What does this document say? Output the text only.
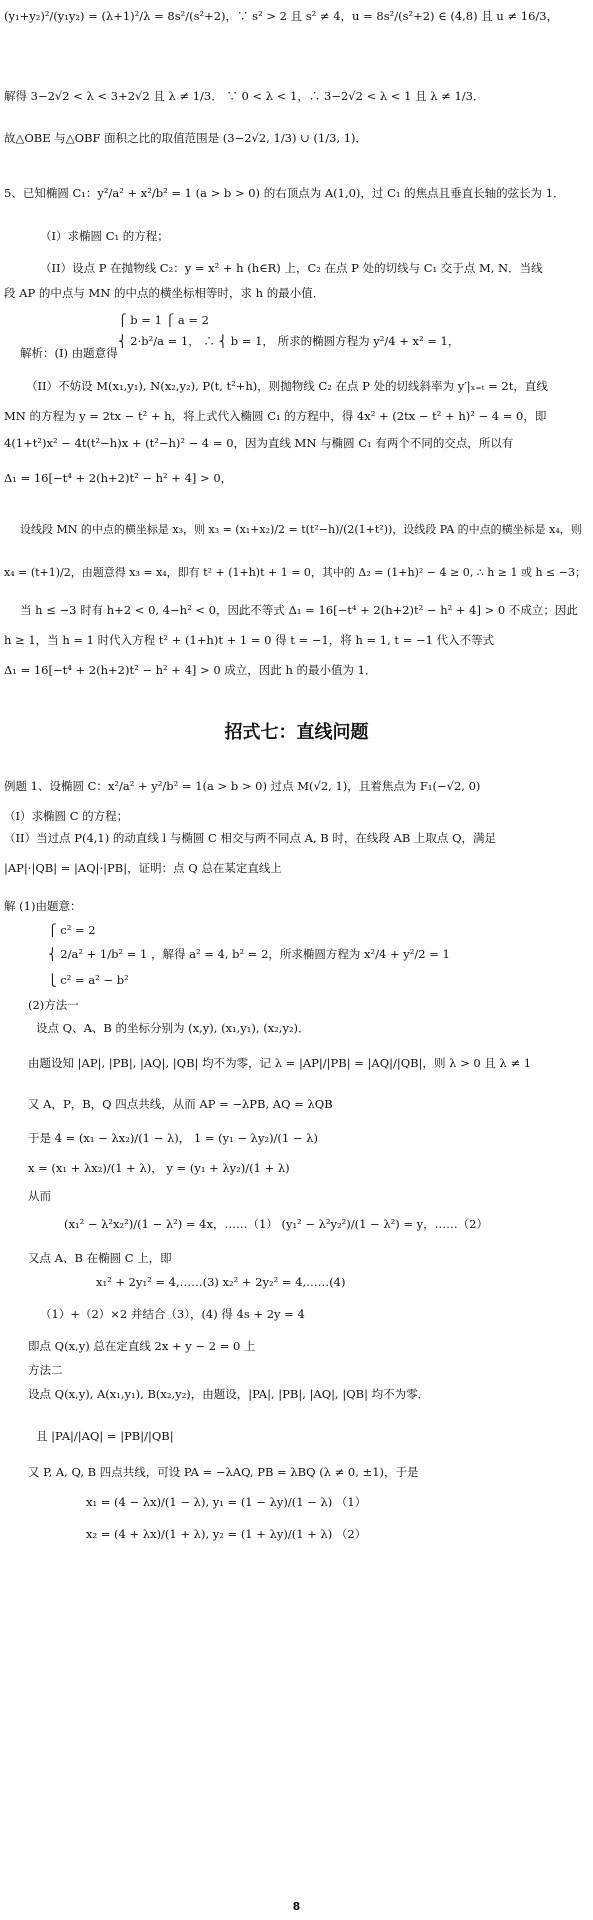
招式七：直线问题
8
(y₁+y₂)²/(y₁y₂) = (λ+1)²/λ = 8s²/(s²+2)，∵ s² > 2 且 s² ≠ 4，u = 8s²/(s²+2) ∈ (4,8) 且 u ≠ 16/3，
解得 3−2√2 < λ < 3+2√2 且 λ ≠ 1/3． ∵ 0 < λ < 1，∴ 3−2√2 < λ < 1 且 λ ≠ 1/3．
故△OBE 与△OBF 面积之比的取值范围是 (3−2√2, 1/3) ∪ (1/3, 1)．
5、已知椭圆 C₁：y²/a² + x²/b² = 1 (a > b > 0) 的右顶点为 A(1,0)，过 C₁ 的焦点且垂直长轴的弦长为 1．
（I）求椭圆 C₁ 的方程；
（II）设点 P 在抛物线 C₂：y = x² + h (h∈R) 上，C₂ 在点 P 处的切线与 C₁ 交于点 M, N．当线
段 AP 的中点与 MN 的中点的横坐标相等时，求 h 的最小值．
⎧ b = 1 ⎧ a = 2
⎨ 2·b²/a = 1， ∴ ⎨ b = 1， 所求的椭圆方程为 y²/4 + x² = 1，
解析：(I) 由题意得
（II）不妨设 M(x₁,y₁), N(x₂,y₂), P(t, t²+h)，则抛物线 C₂ 在点 P 处的切线斜率为 y′|ₓ₌ₜ = 2t，直线
MN 的方程为 y = 2tx − t² + h，将上式代入椭圆 C₁ 的方程中，得 4x² + (2tx − t² + h)² − 4 = 0，即
4(1+t²)x² − 4t(t²−h)x + (t²−h)² − 4 = 0，因为直线 MN 与椭圆 C₁ 有两个不同的交点，所以有
Δ₁ = 16[−t⁴ + 2(h+2)t² − h² + 4] > 0，
设线段 MN 的中点的横坐标是 x₃，则 x₃ = (x₁+x₂)/2 = t(t²−h)/(2(1+t²))，设线段 PA 的中点的横坐标是 x₄，则
x₄ = (t+1)/2，由题意得 x₃ = x₄，即有 t² + (1+h)t + 1 = 0，其中的 Δ₂ = (1+h)² − 4 ≥ 0, ∴ h ≥ 1 或 h ≤ −3；
当 h ≤ −3 时有 h+2 < 0, 4−h² < 0，因此不等式 Δ₁ = 16[−t⁴ + 2(h+2)t² − h² + 4] > 0 不成立；因此
h ≥ 1，当 h = 1 时代入方程 t² + (1+h)t + 1 = 0 得 t = −1，将 h = 1, t = −1 代入不等式
Δ₁ = 16[−t⁴ + 2(h+2)t² − h² + 4] > 0 成立，因此 h 的最小值为 1．
例题 1、设椭圆 C：x²/a² + y²/b² = 1(a > b > 0) 过点 M(√2, 1)，且着焦点为 F₁(−√2, 0)
（I）求椭圆 C 的方程；
（II）当过点 P(4,1) 的动直线 l 与椭圆 C 相交与两不同点 A, B 时，在线段 AB 上取点 Q，满足
|AP|·|QB| = |AQ|·|PB|，证明：点 Q 总在某定直线上
解 (1)由题意：
⎧ c² = 2
⎨ 2/a² + 1/b² = 1 ，解得 a² = 4, b² = 2，所求椭圆方程为 x²/4 + y²/2 = 1
⎩ c² = a² − b²
(2)方法一
设点 Q、A、B 的坐标分别为 (x,y), (x₁,y₁), (x₂,y₂)．
由题设知 |AP|, |PB|, |AQ|, |QB| 均不为零，记 λ = |AP|/|PB| = |AQ|/|QB|，则 λ > 0 且 λ ≠ 1
又 A，P，B，Q 四点共线，从而 AP = −λPB, AQ = λQB
于是 4 = (x₁ − λx₂)/(1 − λ)， 1 = (y₁ − λy₂)/(1 − λ)
x = (x₁ + λx₂)/(1 + λ)， y = (y₁ + λy₂)/(1 + λ)
从而
(x₁² − λ²x₂²)/(1 − λ²) = 4x，……（1） (y₁² − λ²y₂²)/(1 − λ²) = y，……（2）
又点 A、B 在椭圆 C 上，即
x₁² + 2y₁² = 4,……(3) x₂² + 2y₂² = 4,……(4)
（1）+（2）×2 并结合（3），(4) 得 4s + 2y = 4
即点 Q(x,y) 总在定直线 2x + y − 2 = 0 上
方法二
设点 Q(x,y), A(x₁,y₁), B(x₂,y₂)，由题设，|PA|, |PB|, |AQ|, |QB| 均不为零．
且 |PA|/|AQ| = |PB|/|QB|
又 P, A, Q, B 四点共线，可设 PA = −λAQ, PB = λBQ (λ ≠ 0, ±1)，于是
x₁ = (4 − λx)/(1 − λ), y₁ = (1 − λy)/(1 − λ) （1）
x₂ = (4 + λx)/(1 + λ), y₂ = (1 + λy)/(1 + λ) （2）
